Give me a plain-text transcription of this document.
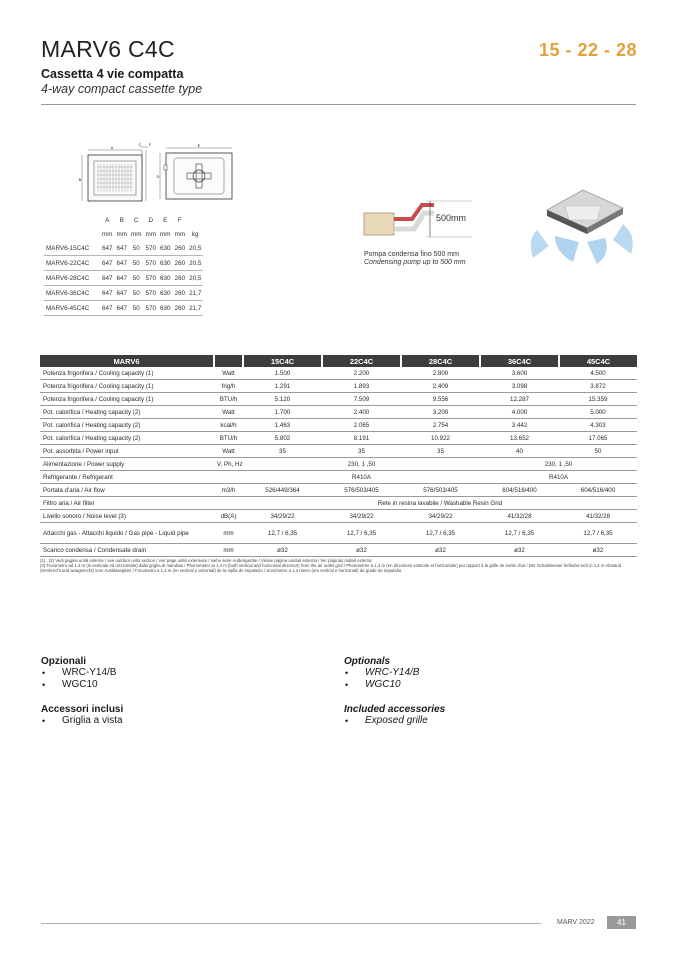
MARV6 C4C	15 - 22 - 28
Cassetta 4 vie compatta
4-way compact cassette type
A
C F
B
E
D
	A	B	C	D	E	F	
	mm	mm	mm	mm	mm	mm	kg
MARV6-15C4C	647	647	50	570	630	260	20,5
MARV6-22C4C	647	647	50	570	630	260	20,5
MARV6-28C4C	647	647	50	570	630	260	20,5
MARV6-36C4C	647	647	50	570	630	260	21,7
MARV6-45C4C	647	647	50	570	630	260	21,7
500mm
Pompa condensa fino 500 mm
Condensing pump up to 500 mm
MARV6		15C4C	22C4C	28C4C	36C4C	45C4C
Potenza frigorifera / Cooling capacity (1)	Watt	1.500	2.200	2.800	3.600	4.500
Potenza frigorifera / Cooling capacity (1)	frig/h	1.291	1.893	2.409	3.098	3.872
Potenza frigorifera / Cooling capacity (1)	BTU/h	5.120	7.509	9.556	12.287	15.359
Pot. calorifica / Heating capacity (2)	Watt	1.700	2.400	3.200	4.000	5.000
Pot. calorifica / Heating capacity (2)	kcal/h	1.463	2.065	2.754	3.442	4.303
Pot. calorifica / Heating capacity (2)	BTU/h	5.802	8.191	10.922	13.652	17.065
Pot. assorbita / Power input	Watt	35	35	35	40	50
Alimentazione / Power supply	V, Ph, Hz	230, 1 ,50			230, 1 ,50	
Refrigerante / Refrigerant		R410A			R410A	
Portata d'aria / Air flow	m3/h	526/449/364	576/503/405	576/503/405	604/516/400	604/516/400
Filtro aria / Air filter		Rete in resina lavabile / Washable Resin Grid				
Livello sonoro / Noise level (3)	dB(A)	34/29/22	34/29/22	34/29/22	41/32/28	41/32/28
Attacchi gas - Attacchi liquido / Gas pipe - Liquid pipe	mm	12,7 / 6,35	12,7 / 6,35	12,7 / 6,35	12,7 / 6,35	12,7 / 6,35
Scarico condensa / Condensate drain	mm	ø32	ø32	ø32	ø32	ø32
(1) , (2) Vedi pagine unità esterne / see outdoor units section / voir page unité exterieure / siehe serie Außengeräte / Véase página unidad externa / Ver páginas midad externa
(3) Fonometro ad 1,4 m (in verticale ed orizzontale) dalla griglia di mandata / Phonometer at 1,4 m (both vertical and horizontal direction) from the air outlet grid / Phonomètre à 1,4 m (en directions verticale et horizontale) par rapport à la grille de sortie d'air / Der Schallmesser befindet sich in 1,4 m Abstand (Senkrecht und waagerecht) vom Ausblasegitter / Fonometro a 1,4 m (en vertical y orizontal) de la rejilla de impulsión / Sonómetro a 1,4 metro (em vertical e horizontal) da grade de impulsão.
Opzionali
• WRC-Y14/B
• WGC10
Accessori inclusi
• Griglia a vista
Optionals
• WRC-Y14/B
• WGC10
Included accessories
• Exposed grille
MARV 2022	41
